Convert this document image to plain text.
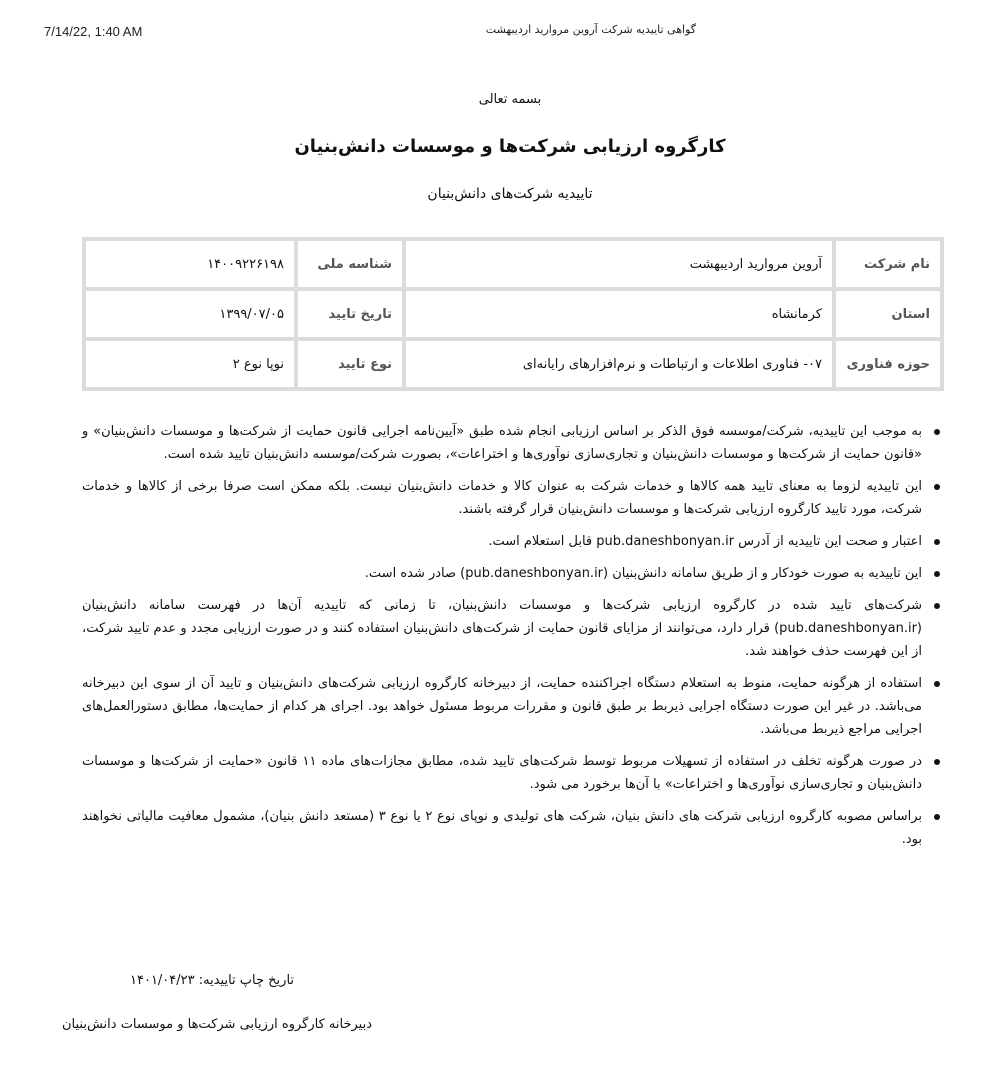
7/14/22, 1:40 AM	گواهی تاییدیه شرکت آروین مروارید اردیبهشت
بسمه تعالی
کارگروه ارزیابی شرکت‌ها و موسسات دانش‌بنیان
تاییدیه شرکت‌های دانش‌بنیان
نام شرکت	آروین مروارید اردیبهشت	شناسه ملی	۱۴۰۰۹۲۲۶۱۹۸
استان	کرمانشاه	تاریخ تایید	۱۳۹۹/۰۷/۰۵
حوزه فناوری	۰۷- فناوری اطلاعات و ارتباطات و نرم‌افزارهای رایانه‌ای	نوع تایید	نوپا نوع ۲
به موجب این تاییدیه، شرکت/موسسه فوق الذکر بر اساس ارزیابی انجام شده طبق «آیین‌نامه اجرایی قانون حمایت از شرکت‌ها و موسسات دانش‌بنیان» و «قانون حمایت از شرکت‌ها و موسسات دانش‌بنیان و تجاری‌سازی نوآوری‌ها و اختراعات»، بصورت شرکت/موسسه دانش‌بنیان تایید شده است.
این تاییدیه لزوما به معنای تایید همه کالاها و خدمات شرکت به عنوان کالا و خدمات دانش‌بنیان نیست. بلکه ممکن است صرفا برخی از کالاها و خدمات شرکت، مورد تایید کارگروه ارزیابی شرکت‌ها و موسسات دانش‌بنیان قرار گرفته باشند.
اعتبار و صحت این تاییدیه از آدرس pub.daneshbonyan.ir قابل استعلام است.
این تاییدیه به صورت خودکار و از طریق سامانه دانش‌بنیان (pub.daneshbonyan.ir) صادر شده است.
شرکت‌های تایید شده در کارگروه ارزیابی شرکت‌ها و موسسات دانش‌بنیان، تا زمانی که تاییدیه آن‌ها در فهرست سامانه دانش‌بنیان (pub.daneshbonyan.ir) قرار دارد، می‌توانند از مزایای قانون حمایت از شرکت‌های دانش‌بنیان استفاده کنند و در صورت ارزیابی مجدد و عدم تایید شرکت، از این فهرست حذف خواهند شد.
استفاده از هرگونه حمایت، منوط به استعلام دستگاه اجراکننده حمایت، از دبیرخانه کارگروه ارزیابی شرکت‌های دانش‌بنیان و تایید آن از سوی این دبیرخانه می‌باشد. در غیر این صورت دستگاه اجرایی ذیربط بر طبق قانون و مقررات مربوط مسئول خواهد بود. اجرای هر کدام از حمایت‌ها، مطابق دستورالعمل‌های اجرایی مراجع ذیربط می‌باشد.
در صورت هرگونه تخلف در استفاده از تسهیلات مربوط توسط شرکت‌های تایید شده، مطابق مجازات‌های ماده ۱۱ قانون «حمایت از شرکت‌ها و موسسات دانش‌بنیان و تجاری‌سازی نوآوری‌ها و اختراعات» با آن‌ها برخورد می شود.
براساس مصوبه کارگروه ارزیابی شرکت های دانش بنیان، شرکت های تولیدی و نوپای نوع ۲ یا نوع ۳ (مستعد دانش بنیان)، مشمول معافیت مالیاتی نخواهند بود.
تاریخ چاپ تاییدیه: ۱۴۰۱/۰۴/۲۳
دبیرخانه کارگروه ارزیابی شرکت‌ها و موسسات دانش‌بنیان
